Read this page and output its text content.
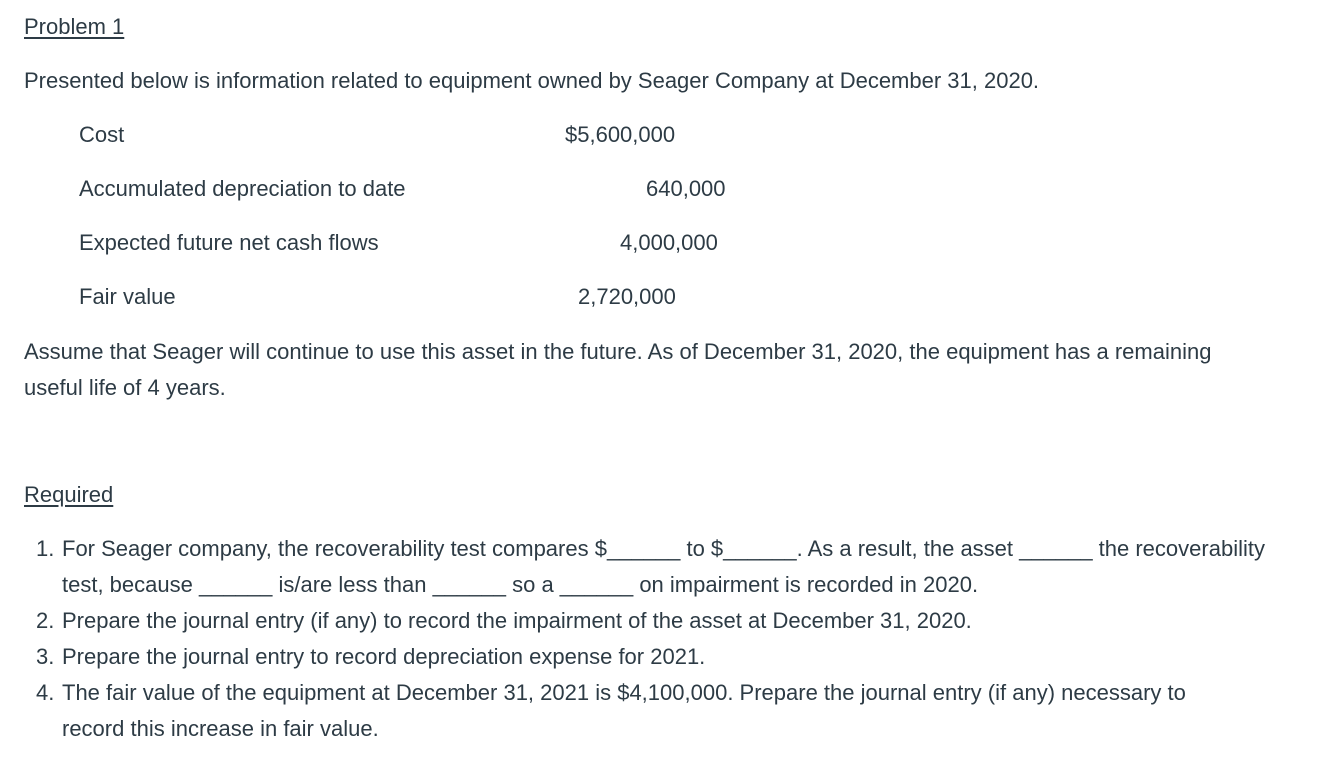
Problem 1
Presented below is information related to equipment owned by Seager Company at December 31, 2020.
Cost	$5,600,000
Accumulated depreciation to date	640,000
Expected future net cash flows	4,000,000
Fair value	2,720,000
Assume that Seager will continue to use this asset in the future. As of December 31, 2020, the equipment has a remaining
useful life of 4 years.
Required
1. For Seager company, the recoverability test compares $______ to $______. As a result, the asset ______ the recoverability
test, because ______ is/are less than ______ so a ______ on impairment is recorded in 2020.
2. Prepare the journal entry (if any) to record the impairment of the asset at December 31, 2020.
3. Prepare the journal entry to record depreciation expense for 2021.
4. The fair value of the equipment at December 31, 2021 is $4,100,000. Prepare the journal entry (if any) necessary to
record this increase in fair value.
